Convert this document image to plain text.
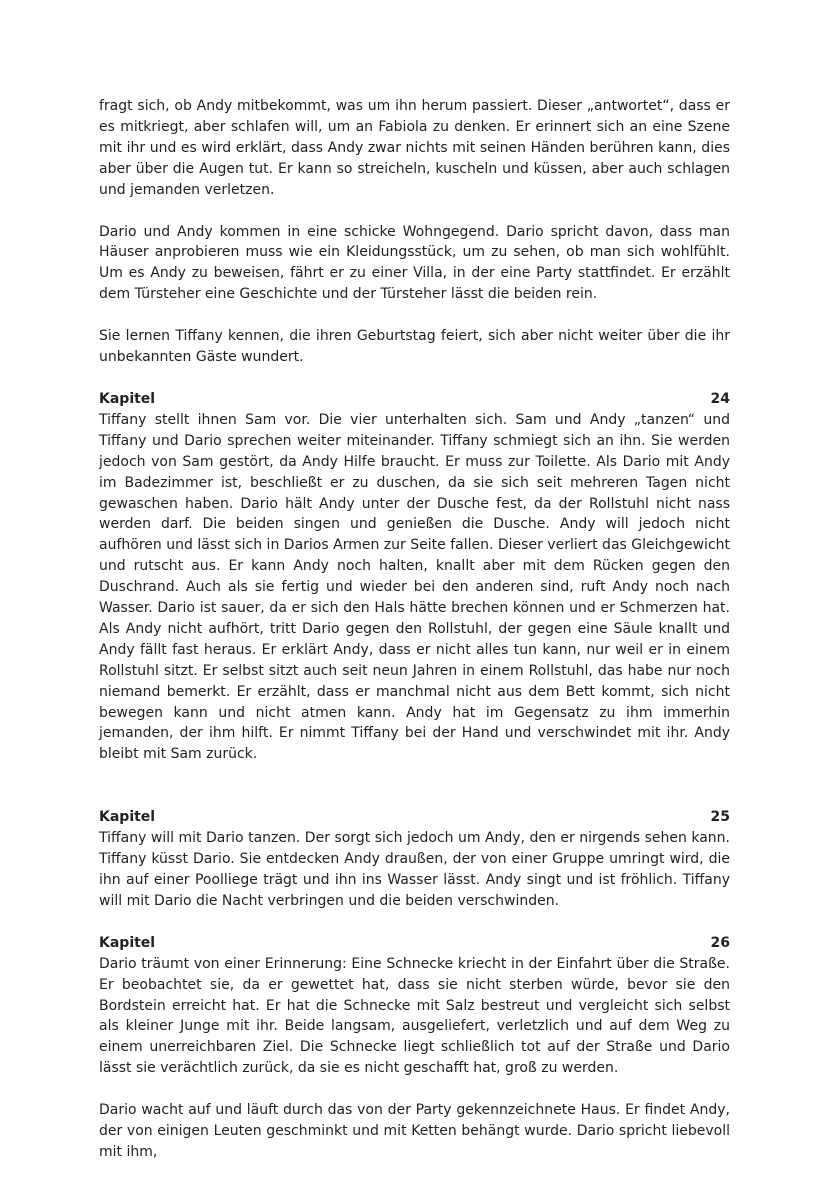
fragt sich, ob Andy mitbekommt, was um ihn herum passiert. Dieser „antwortet“, dass er es mitkriegt, aber schlafen will, um an Fabiola zu denken. Er erinnert sich an eine Szene mit ihr und es wird erklärt, dass Andy zwar nichts mit seinen Händen berühren kann, dies aber über die Augen tut. Er kann so streicheln, kuscheln und küssen, aber auch schlagen und jemanden verletzen.

Dario und Andy kommen in eine schicke Wohngegend. Dario spricht davon, dass man Häuser anprobieren muss wie ein Kleidungsstück, um zu sehen, ob man sich wohlfühlt. Um es Andy zu beweisen, fährt er zu einer Villa, in der eine Party stattfindet. Er erzählt dem Türsteher eine Geschichte und der Türsteher lässt die beiden rein.

Sie lernen Tiffany kennen, die ihren Geburtstag feiert, sich aber nicht weiter über die ihr unbekannten Gäste wundert.

Kapitel	24

Tiffany stellt ihnen Sam vor. Die vier unterhalten sich. Sam und Andy „tanzen“ und Tiffany und Dario sprechen weiter miteinander. Tiffany schmiegt sich an ihn. Sie werden jedoch von Sam gestört, da Andy Hilfe braucht. Er muss zur Toilette. Als Dario mit Andy im Badezimmer ist, beschließt er zu duschen, da sie sich seit mehreren Tagen nicht gewaschen haben. Dario hält Andy unter der Dusche fest, da der Rollstuhl nicht nass werden darf. Die beiden singen und genießen die Dusche. Andy will jedoch nicht aufhören und lässt sich in Darios Armen zur Seite fallen. Dieser verliert das Gleichgewicht und rutscht aus. Er kann Andy noch halten, knallt aber mit dem Rücken gegen den Duschrand. Auch als sie fertig und wieder bei den anderen sind, ruft Andy noch nach Wasser. Dario ist sauer, da er sich den Hals hätte brechen können und er Schmerzen hat. Als Andy nicht aufhört, tritt Dario gegen den Rollstuhl, der gegen eine Säule knallt und Andy fällt fast heraus. Er erklärt Andy, dass er nicht alles tun kann, nur weil er in einem Rollstuhl sitzt. Er selbst sitzt auch seit neun Jahren in einem Rollstuhl, das habe nur noch niemand bemerkt. Er erzählt, dass er manchmal nicht aus dem Bett kommt, sich nicht bewegen kann und nicht atmen kann. Andy hat im Gegensatz zu ihm immerhin jemanden, der ihm hilft. Er nimmt Tiffany bei der Hand und verschwindet mit ihr. Andy bleibt mit Sam zurück.

Kapitel	25

Tiffany will mit Dario tanzen. Der sorgt sich jedoch um Andy, den er nirgends sehen kann. Tiffany küsst Dario. Sie entdecken Andy draußen, der von einer Gruppe umringt wird, die ihn auf einer Poolliege trägt und ihn ins Wasser lässt. Andy singt und ist fröhlich. Tiffany will mit Dario die Nacht verbringen und die beiden verschwinden.

Kapitel	26

Dario träumt von einer Erinnerung: Eine Schnecke kriecht in der Einfahrt über die Straße. Er beobachtet sie, da er gewettet hat, dass sie nicht sterben würde, bevor sie den Bordstein erreicht hat. Er hat die Schnecke mit Salz bestreut und vergleicht sich selbst als kleiner Junge mit ihr. Beide langsam, ausgeliefert, verletzlich und auf dem Weg zu einem unerreichbaren Ziel. Die Schnecke liegt schließlich tot auf der Straße und Dario lässt sie verächtlich zurück, da sie es nicht geschafft hat, groß zu werden.

Dario wacht auf und läuft durch das von der Party gekennzeichnete Haus. Er findet Andy, der von einigen Leuten geschminkt und mit Ketten behängt wurde. Dario spricht liebevoll mit ihm,
